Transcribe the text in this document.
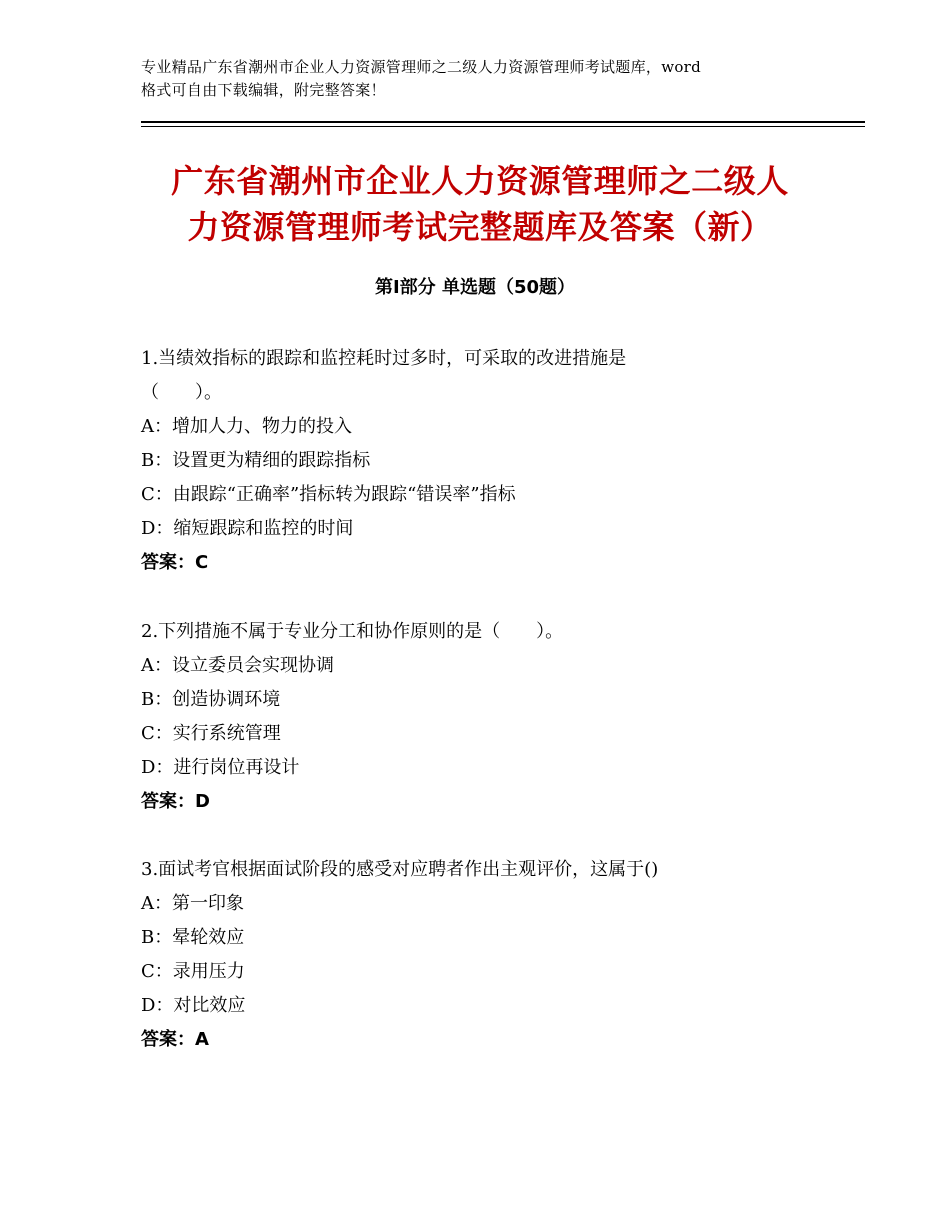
专业精品广东省潮州市企业人力资源管理师之二级人力资源管理师考试题库，word
格式可自由下载编辑，附完整答案！
广东省潮州市企业人力资源管理师之二级人
力资源管理师考试完整题库及答案（新）
第Ⅰ部分 单选题（50题）

1.当绩效指标的跟踪和监控耗时过多时，可采取的改进措施是

（　　）。

A：增加人力、物力的投入

B：设置更为精细的跟踪指标

C：由跟踪“正确率”指标转为跟踪“错误率”指标

D：缩短跟踪和监控的时间

答案：C

2.下列措施不属于专业分工和协作原则的是（　　）。

A：设立委员会实现协调

B：创造协调环境

C：实行系统管理

D：进行岗位再设计

答案：D

3.面试考官根据面试阶段的感受对应聘者作出主观评价，这属于()

A：第一印象

B：晕轮效应

C：录用压力

D：对比效应

答案：A
